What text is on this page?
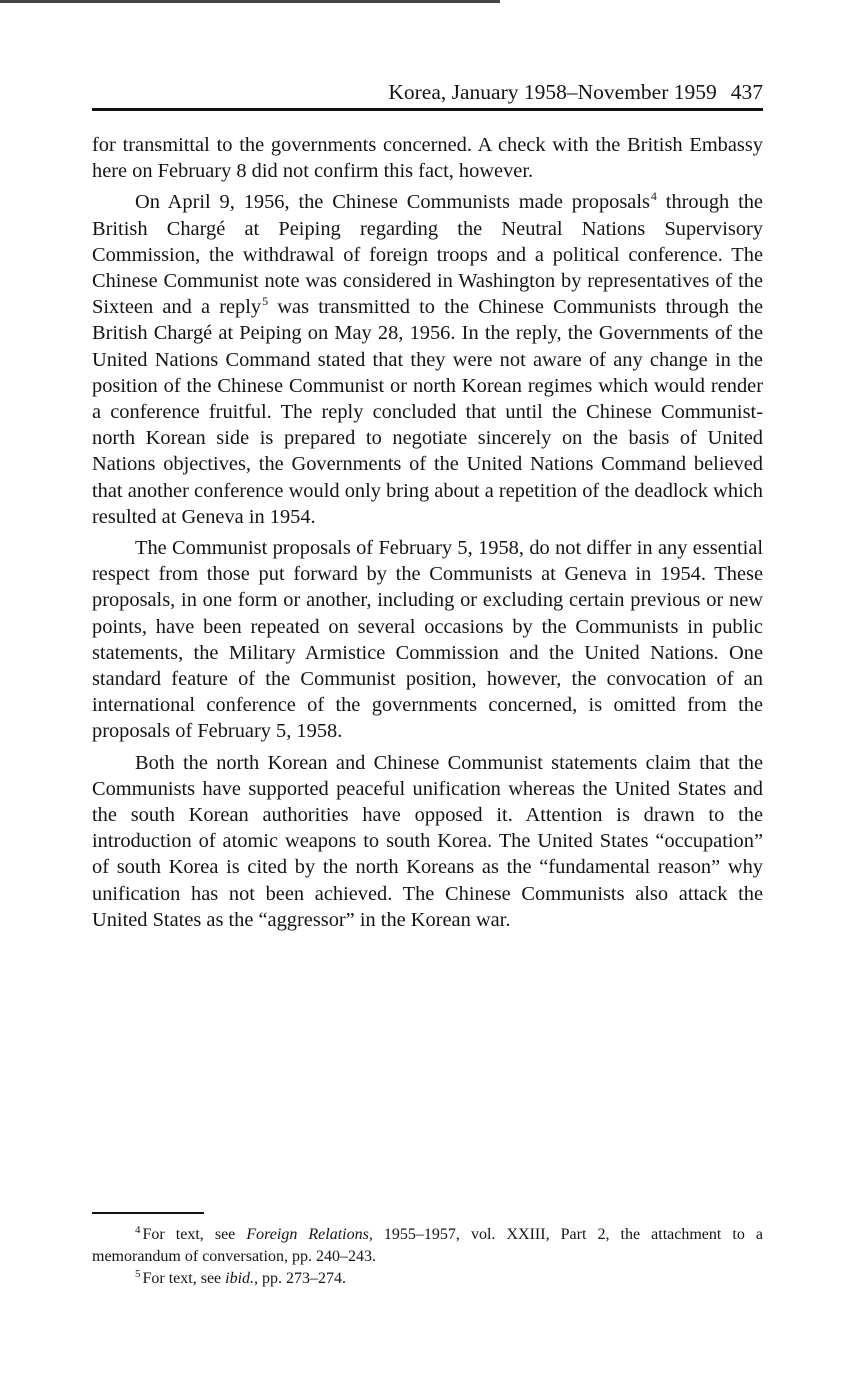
Korea, January 1958–November 1959 437

for transmittal to the governments concerned. A check with the British Embassy here on February 8 did not confirm this fact, however.

On April 9, 1956, the Chinese Communists made proposals$^4$ through the British Chargé at Peiping regarding the Neutral Nations Supervisory Commission, the withdrawal of foreign troops and a political conference. The Chinese Communist note was considered in Washington by representatives of the Sixteen and a reply$^5$ was transmitted to the Chinese Communists through the British Chargé at Peiping on May 28, 1956. In the reply, the Governments of the United Nations Command stated that they were not aware of any change in the position of the Chinese Communist or north Korean regimes which would render a conference fruitful. The reply concluded that until the Chinese Communist-north Korean side is prepared to negotiate sincerely on the basis of United Nations objectives, the Governments of the United Nations Command believed that another conference would only bring about a repetition of the deadlock which resulted at Geneva in 1954.

The Communist proposals of February 5, 1958, do not differ in any essential respect from those put forward by the Communists at Geneva in 1954. These proposals, in one form or another, including or excluding certain previous or new points, have been repeated on several occasions by the Communists in public statements, the Military Armistice Commission and the United Nations. One standard feature of the Communist position, however, the convocation of an international conference of the governments concerned, is omitted from the proposals of February 5, 1958.

Both the north Korean and Chinese Communist statements claim that the Communists have supported peaceful unification whereas the United States and the south Korean authorities have opposed it. Attention is drawn to the introduction of atomic weapons to south Korea. The United States “occupation” of south Korea is cited by the north Koreans as the “fundamental reason” why unification has not been achieved. The Chinese Communists also attack the United States as the “aggressor” in the Korean war.

$^4$ For text, see Foreign Relations, 1955–1957, vol. XXIII, Part 2, the attachment to a memorandum of conversation, pp. 240–243.

$^5$ For text, see ibid., pp. 273–274.
